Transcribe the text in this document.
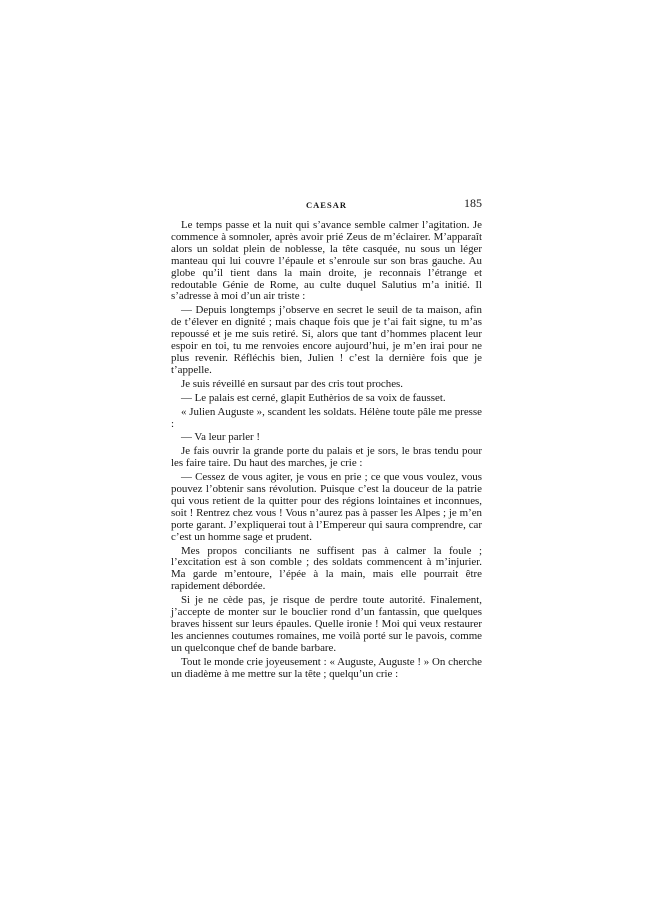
CAESAR	185

Le temps passe et la nuit qui s’avance semble calmer l’agitation. Je commence à somnoler, après avoir prié Zeus de m’éclairer. M’apparaît alors un soldat plein de noblesse, la tête casquée, nu sous un léger manteau qui lui couvre l’épaule et s’enroule sur son bras gauche. Au globe qu’il tient dans la main droite, je reconnais l’étrange et redoutable Génie de Rome, au culte duquel Salutius m’a initié. Il s’adresse à moi d’un air triste :

— Depuis longtemps j’observe en secret le seuil de ta maison, afin de t’élever en dignité ; mais chaque fois que je t’ai fait signe, tu m’as repoussé et je me suis retiré. Si, alors que tant d’hommes placent leur espoir en toi, tu me renvoies encore aujourd’hui, je m’en irai pour ne plus revenir. Réfléchis bien, Julien ! c’est la dernière fois que je t’appelle.

Je suis réveillé en sursaut par des cris tout proches.

— Le palais est cerné, glapit Euthèrios de sa voix de fausset.

« Julien Auguste », scandent les soldats. Hélène toute pâle me presse :

— Va leur parler !

Je fais ouvrir la grande porte du palais et je sors, le bras tendu pour les faire taire. Du haut des marches, je crie :

— Cessez de vous agiter, je vous en prie ; ce que vous voulez, vous pouvez l’obtenir sans révolution. Puisque c’est la douceur de la patrie qui vous retient de la quitter pour des régions lointaines et inconnues, soit ! Rentrez chez vous ! Vous n’aurez pas à passer les Alpes ; je m’en porte garant. J’expliquerai tout à l’Empereur qui saura comprendre, car c’est un homme sage et prudent.

Mes propos conciliants ne suffisent pas à calmer la foule ; l’excitation est à son comble ; des soldats commencent à m’injurier. Ma garde m’entoure, l’épée à la main, mais elle pourrait être rapidement débordée.

Si je ne cède pas, je risque de perdre toute autorité. Finalement, j’accepte de monter sur le bouclier rond d’un fantassin, que quelques braves hissent sur leurs épaules. Quelle ironie ! Moi qui veux restaurer les anciennes coutumes romaines, me voilà porté sur le pavois, comme un quelconque chef de bande barbare.

Tout le monde crie joyeusement : « Auguste, Auguste ! » On cherche un diadème à me mettre sur la tête ; quelqu’un crie :
